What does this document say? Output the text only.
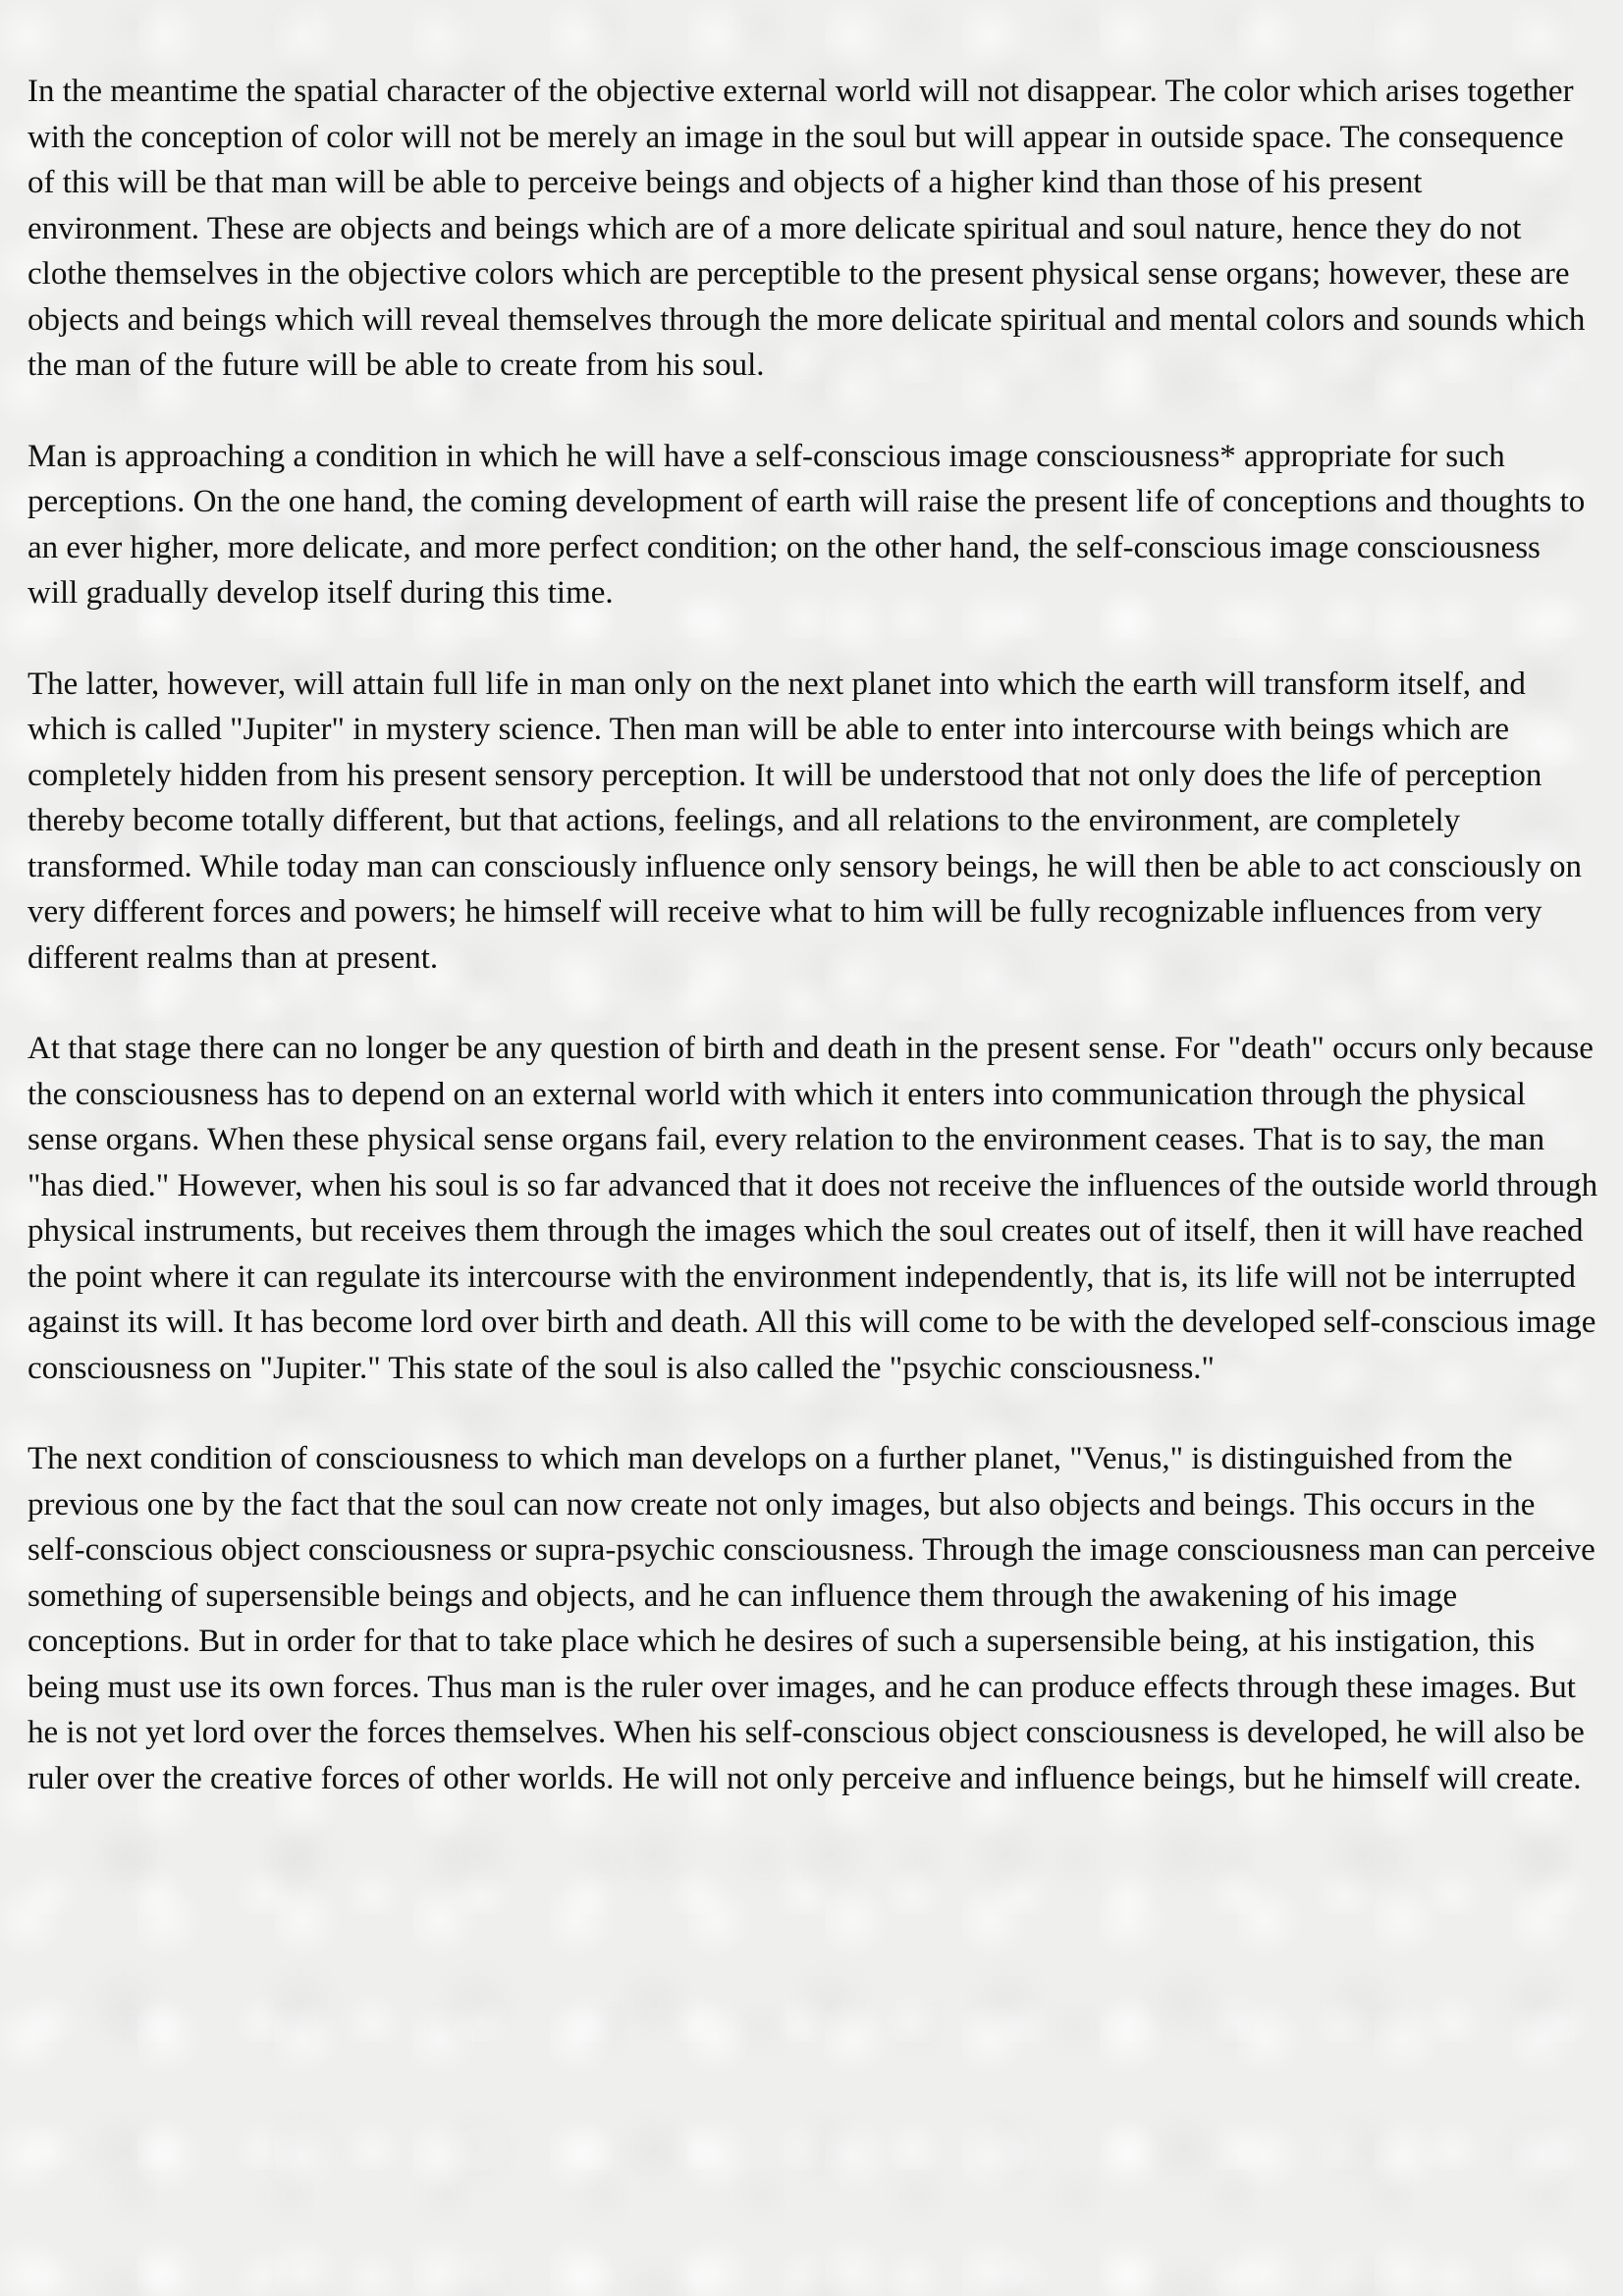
In the meantime the spatial character of the objective external world will not disappear. The color which arises together with the conception of color will not be merely an image in the soul but will appear in outside space. The consequence of this will be that man will be able to perceive beings and objects of a higher kind than those of his present environment. These are objects and beings which are of a more delicate spiritual and soul nature, hence they do not clothe themselves in the objective colors which are perceptible to the present physical sense organs; however, these are objects and beings which will reveal themselves through the more delicate spiritual and mental colors and sounds which the man of the future will be able to create from his soul.

Man is approaching a condition in which he will have a self-conscious image consciousness* appropriate for such perceptions. On the one hand, the coming development of earth will raise the present life of conceptions and thoughts to an ever higher, more delicate, and more perfect condition; on the other hand, the self-conscious image consciousness will gradually develop itself during this time.

The latter, however, will attain full life in man only on the next planet into which the earth will transform itself, and which is called "Jupiter" in mystery science. Then man will be able to enter into intercourse with beings which are completely hidden from his present sensory perception. It will be understood that not only does the life of perception thereby become totally different, but that actions, feelings, and all relations to the environment, are completely transformed. While today man can consciously influence only sensory beings, he will then be able to act consciously on very different forces and powers; he himself will receive what to him will be fully recognizable influences from very different realms than at present.

At that stage there can no longer be any question of birth and death in the present sense. For "death" occurs only because the consciousness has to depend on an external world with which it enters into communication through the physical sense organs. When these physical sense organs fail, every relation to the environment ceases. That is to say, the man "has died." However, when his soul is so far advanced that it does not receive the influences of the outside world through physical instruments, but receives them through the images which the soul creates out of itself, then it will have reached the point where it can regulate its intercourse with the environment independently, that is, its life will not be interrupted against its will. It has become lord over birth and death. All this will come to be with the developed self-conscious image consciousness on "Jupiter." This state of the soul is also called the "psychic consciousness."

The next condition of consciousness to which man develops on a further planet, "Venus," is distinguished from the previous one by the fact that the soul can now create not only images, but also objects and beings. This occurs in the self-conscious object consciousness or supra-psychic consciousness. Through the image consciousness man can perceive something of supersensible beings and objects, and he can influence them through the awakening of his image conceptions. But in order for that to take place which he desires of such a supersensible being, at his instigation, this being must use its own forces. Thus man is the ruler over images, and he can produce effects through these images. But he is not yet lord over the forces themselves. When his self-conscious object consciousness is developed, he will also be ruler over the creative forces of other worlds. He will not only perceive and influence beings, but he himself will create.
